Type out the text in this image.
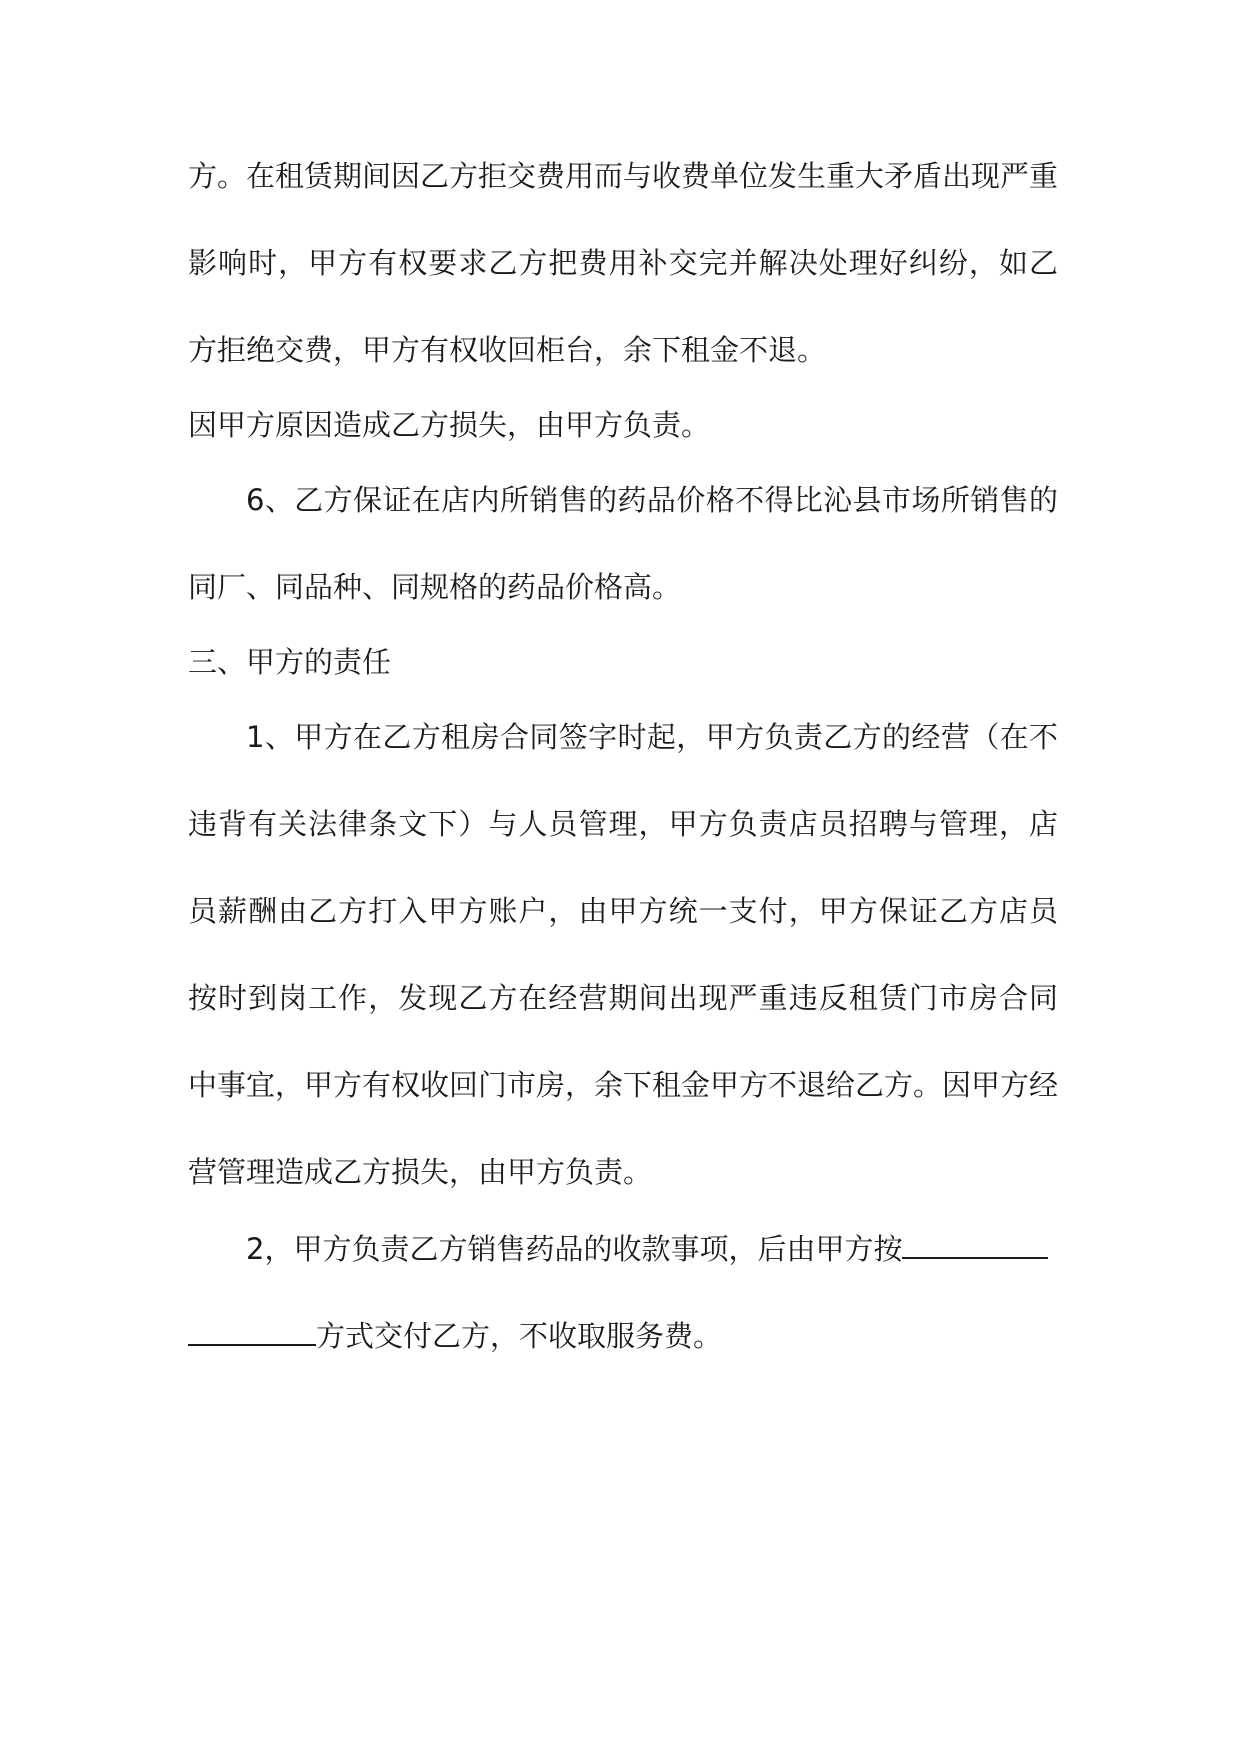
方。在租赁期间因乙方拒交费用而与收费单位发生重大矛盾出现严重
影响时，甲方有权要求乙方把费用补交完并解决处理好纠纷，如乙
方拒绝交费，甲方有权收回柜台，余下租金不退。
因甲方原因造成乙方损失，由甲方负责。
6、乙方保证在店内所销售的药品价格不得比沁县市场所销售的
同厂、同品种、同规格的药品价格高。
三、甲方的责任
1、甲方在乙方租房合同签字时起，甲方负责乙方的经营（在不
违背有关法律条文下）与人员管理，甲方负责店员招聘与管理，店
员薪酬由乙方打入甲方账户，由甲方统一支付，甲方保证乙方店员
按时到岗工作，发现乙方在经营期间出现严重违反租赁门市房合同
中事宜，甲方有权收回门市房，余下租金甲方不退给乙方。因甲方经
营管理造成乙方损失，由甲方负责。
2，甲方负责乙方销售药品的收款事项，后由甲方按
方式交付乙方，不收取服务费。
